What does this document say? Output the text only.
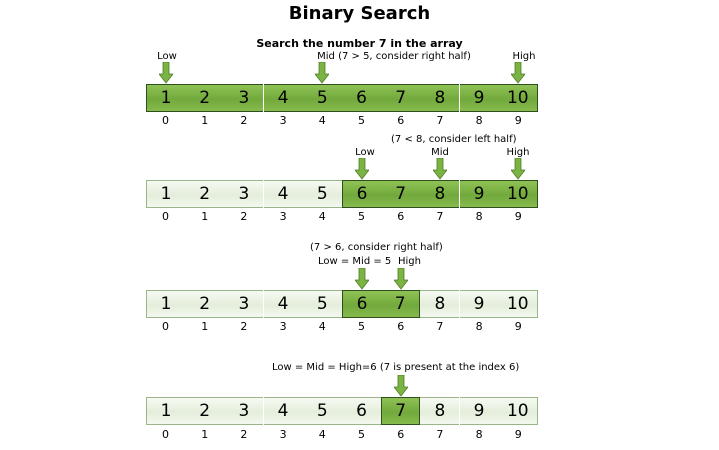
Binary Search
Search the number 7 in the array
Low	Mid (7 > 5, consider right half)	High
1	2	3	4	5	6	7	8	9	10
0	1	2	3	4	5	6	7	8	9
(7 < 8, consider left half)
Low	Mid	High
1	2	3	4	5	6	7	8	9	10
0	1	2	3	4	5	6	7	8	9
(7 > 6, consider right half)
Low = Mid = 5 High
1	2	3	4	5	6	7	8	9	10
0	1	2	3	4	5	6	7	8	9
Low = Mid = High=6 (7 is present at the index 6)
1	2	3	4	5	6	7	8	9	10
0	1	2	3	4	5	6	7	8	9
